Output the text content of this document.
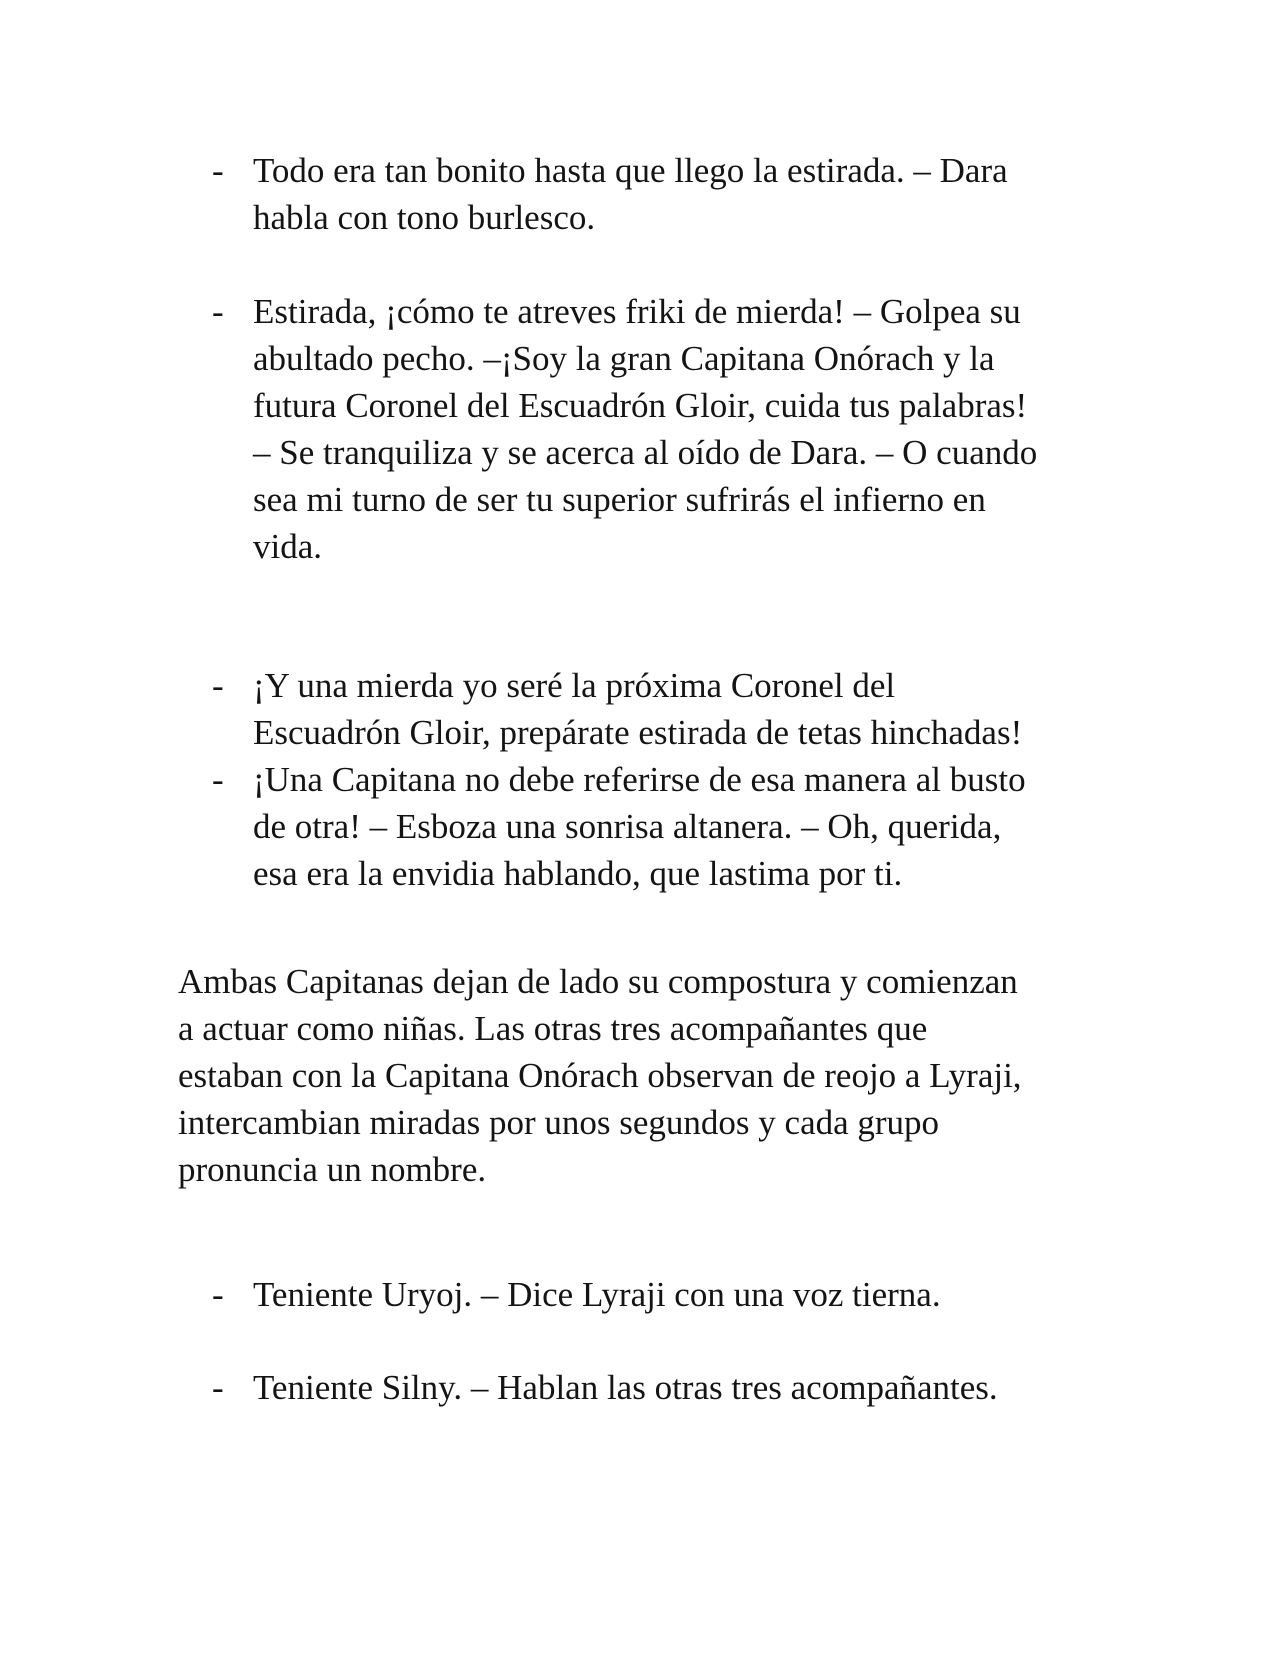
- Todo era tan bonito hasta que llego la estirada. – Dara
habla con tono burlesco.
- Estirada, ¡cómo te atreves friki de mierda! – Golpea su
abultado pecho. –¡Soy la gran Capitana Onórach y la
futura Coronel del Escuadrón Gloir, cuida tus palabras!
– Se tranquiliza y se acerca al oído de Dara. – O cuando
sea mi turno de ser tu superior sufrirás el infierno en
vida.
- ¡Y una mierda yo seré la próxima Coronel del
Escuadrón Gloir, prepárate estirada de tetas hinchadas!
- ¡Una Capitana no debe referirse de esa manera al busto
de otra! – Esboza una sonrisa altanera. – Oh, querida,
esa era la envidia hablando, que lastima por ti.
Ambas Capitanas dejan de lado su compostura y comienzan
a actuar como niñas. Las otras tres acompañantes que
estaban con la Capitana Onórach observan de reojo a Lyraji,
intercambian miradas por unos segundos y cada grupo
pronuncia un nombre.
- Teniente Uryoj. – Dice Lyraji con una voz tierna.
- Teniente Silny. – Hablan las otras tres acompañantes.
